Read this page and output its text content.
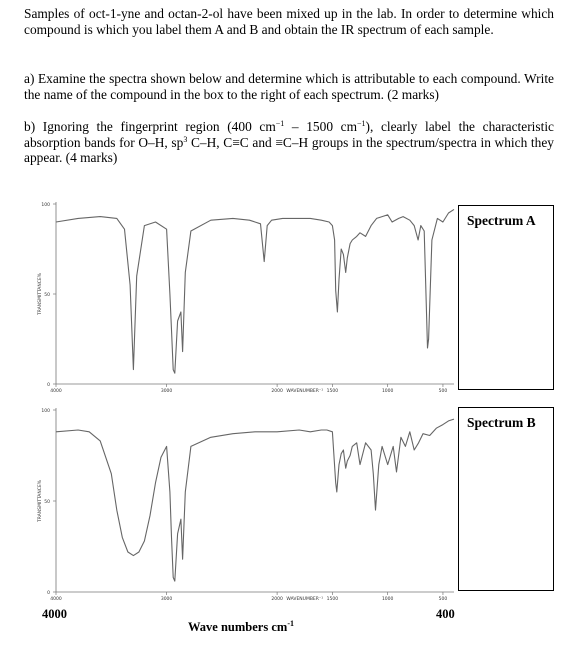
Samples of oct-1-yne and octan-2-ol have been mixed up in the lab. In order to determine which compound is which you label them A and B and obtain the IR spectrum of each sample.

a) Examine the spectra shown below and determine which is attributable to each compound. Write the name of the compound in the box to the right of each spectrum. (2 marks)

b) Ignoring the fingerprint region (400 $cm^{-1} - 1500$ $cm^{-1}$), clearly label the characteristic absorption bands for O–H, $sp^3$ C–H, C≡C and ≡C–H groups in the spectrum/spectra in which they appear. (4 marks)

0
50
100
TRANSMITTANCE%
4000	3000	2000	1500	1000	500
WAVENUMBER⁻¹
0
50
100
TRANSMITTANCE%
4000	3000	2000	1500	1000	500
WAVENUMBER⁻¹
Spectrum A
Spectrum B
4000	400
Wave numbers $cm^{-1}$
